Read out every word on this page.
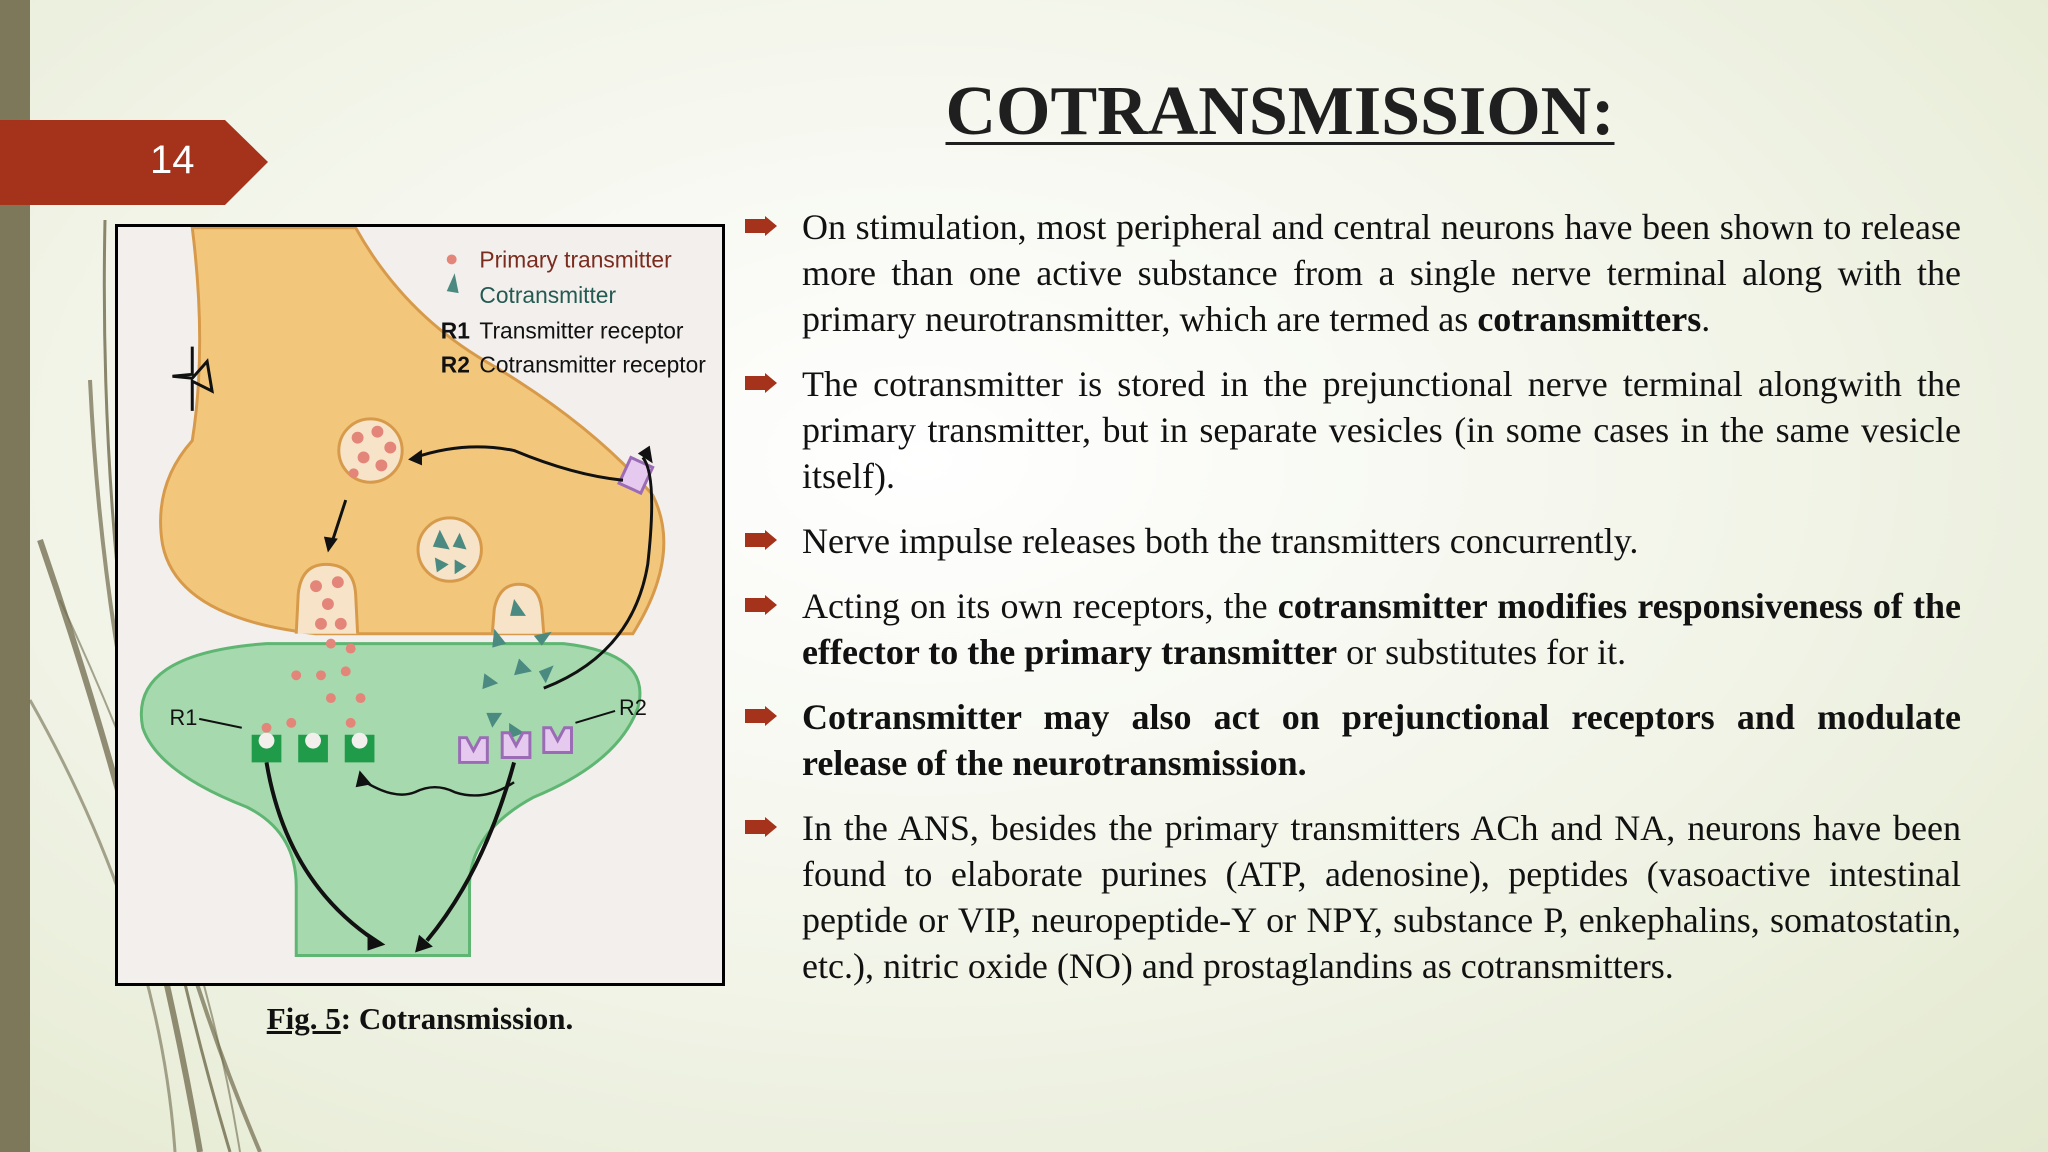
14
COTRANSMISSION:
R1	R2
Primary transmitter
Cotransmitter
R1 Transmitter receptor
R2 Cotransmitter receptor
Fig. 5: Cotransmission.
On stimulation, most peripheral and central neurons have been shown to release more than one active substance from a single nerve terminal along with the primary neurotransmitter, which are termed as cotransmitters.
The cotransmitter is stored in the prejunctional nerve terminal alongwith the primary transmitter, but in separate vesicles (in some cases in the same vesicle itself).
Nerve impulse releases both the transmitters concurrently.
Acting on its own receptors, the cotransmitter modifies responsiveness of the effector to the primary transmitter or substitutes for it.
Cotransmitter may also act on prejunctional receptors and modulate release of the neurotransmission.
In the ANS, besides the primary transmitters ACh and NA, neurons have been found to elaborate purines (ATP, adenosine), peptides (vasoactive intestinal peptide or VIP, neuropeptide-Y or NPY, substance P, enkephalins, somatostatin, etc.), nitric oxide (NO) and prostaglandins as cotransmitters.
